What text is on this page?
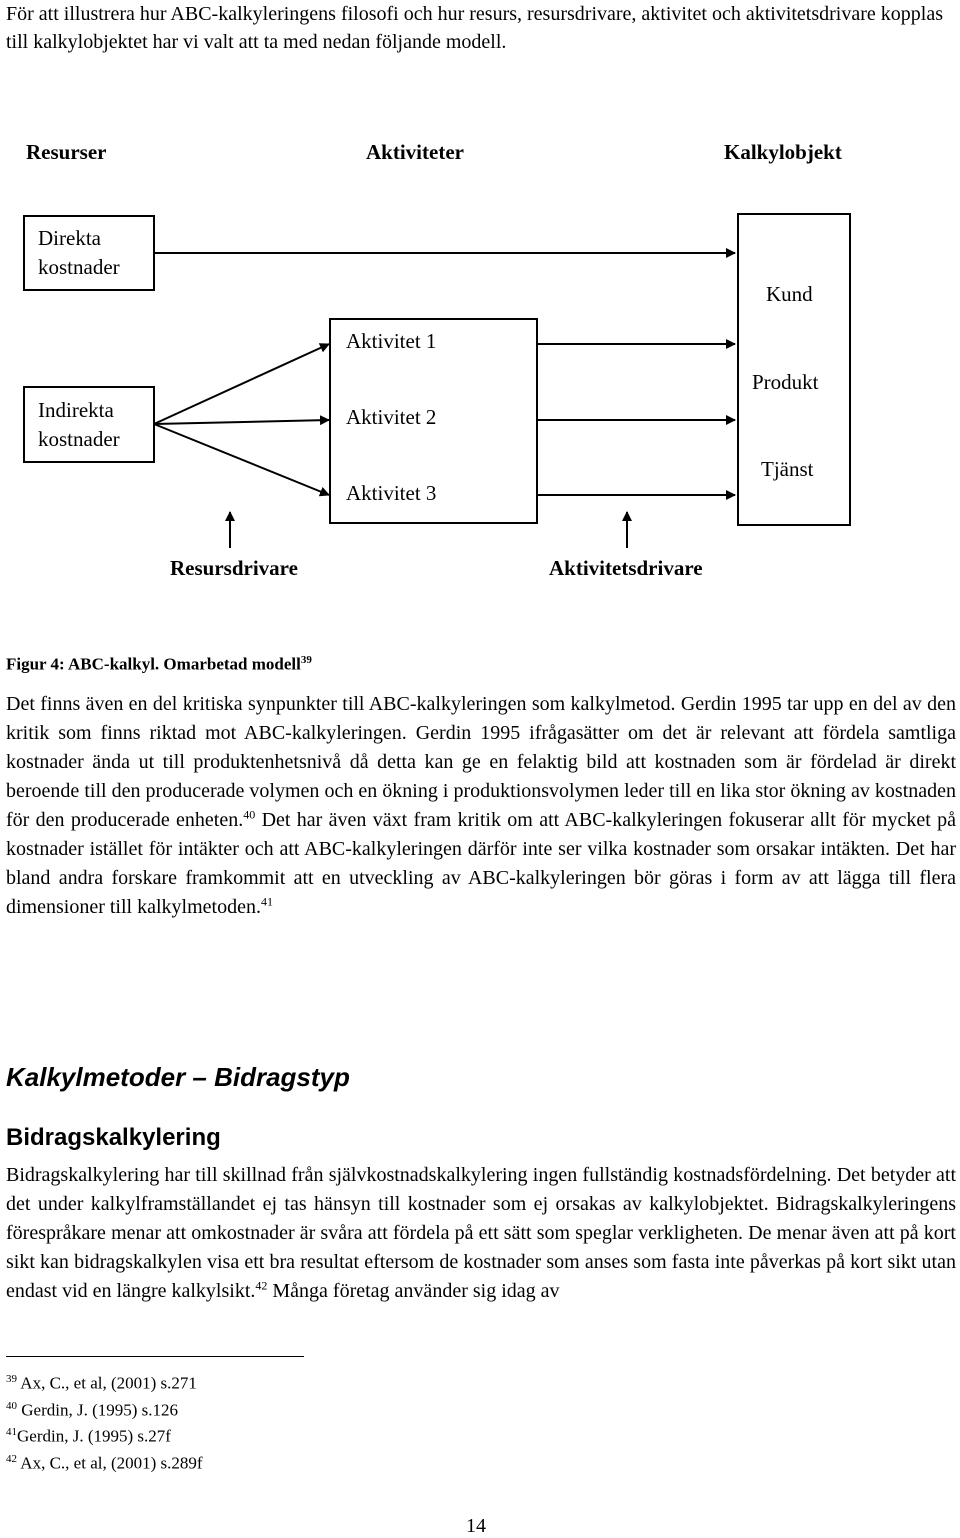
För att illustrera hur ABC-kalkyleringens filosofi och hur resurs, resursdrivare, aktivitet och aktivitetsdrivare kopplas till kalkylobjektet har vi valt att ta med nedan följande modell.
Resurser	Aktiviteter	Kalkylobjekt
Direkta
kostnader
Indirekta
kostnader
Aktivitet 1
Aktivitet 2
Aktivitet 3
Kund
Produkt
Tjänst
Resursdrivare	Aktivitetsdrivare
Figur 4: ABC-kalkyl. Omarbetad modell$^{39}$
Det finns även en del kritiska synpunkter till ABC-kalkyleringen som kalkylmetod. Gerdin 1995 tar upp en del av den kritik som finns riktad mot ABC-kalkyleringen. Gerdin 1995 ifrågasätter om det är relevant att fördela samtliga kostnader ända ut till produktenhetsnivå då detta kan ge en felaktig bild att kostnaden som är fördelad är direkt beroende till den producerade volymen och en ökning i produktionsvolymen leder till en lika stor ökning av kostnaden för den producerade enheten.$^{40}$ Det har även växt fram kritik om att ABC-kalkyleringen fokuserar allt för mycket på kostnader istället för intäkter och att ABC-kalkyleringen därför inte ser vilka kostnader som orsakar intäkten. Det har bland andra forskare framkommit att en utveckling av ABC-kalkyleringen bör göras i form av att lägga till flera dimensioner till kalkylmetoden.$^{41}$
Kalkylmetoder – Bidragstyp
Bidragskalkylering
Bidragskalkylering har till skillnad från självkostnadskalkylering ingen fullständig kostnadsfördelning. Det betyder att det under kalkylframställandet ej tas hänsyn till kostnader som ej orsakas av kalkylobjektet. Bidragskalkyleringens förespråkare menar att omkostnader är svåra att fördela på ett sätt som speglar verkligheten. De menar även att på kort sikt kan bidragskalkylen visa ett bra resultat eftersom de kostnader som anses som fasta inte påverkas på kort sikt utan endast vid en längre kalkylsikt.$^{42}$ Många företag använder sig idag av
$^{39}$ Ax, C., et al, (2001) s.271
$^{40}$ Gerdin, J. (1995) s.126
$^{41}$Gerdin, J. (1995) s.27f
$^{42}$ Ax, C., et al, (2001) s.289f
14
